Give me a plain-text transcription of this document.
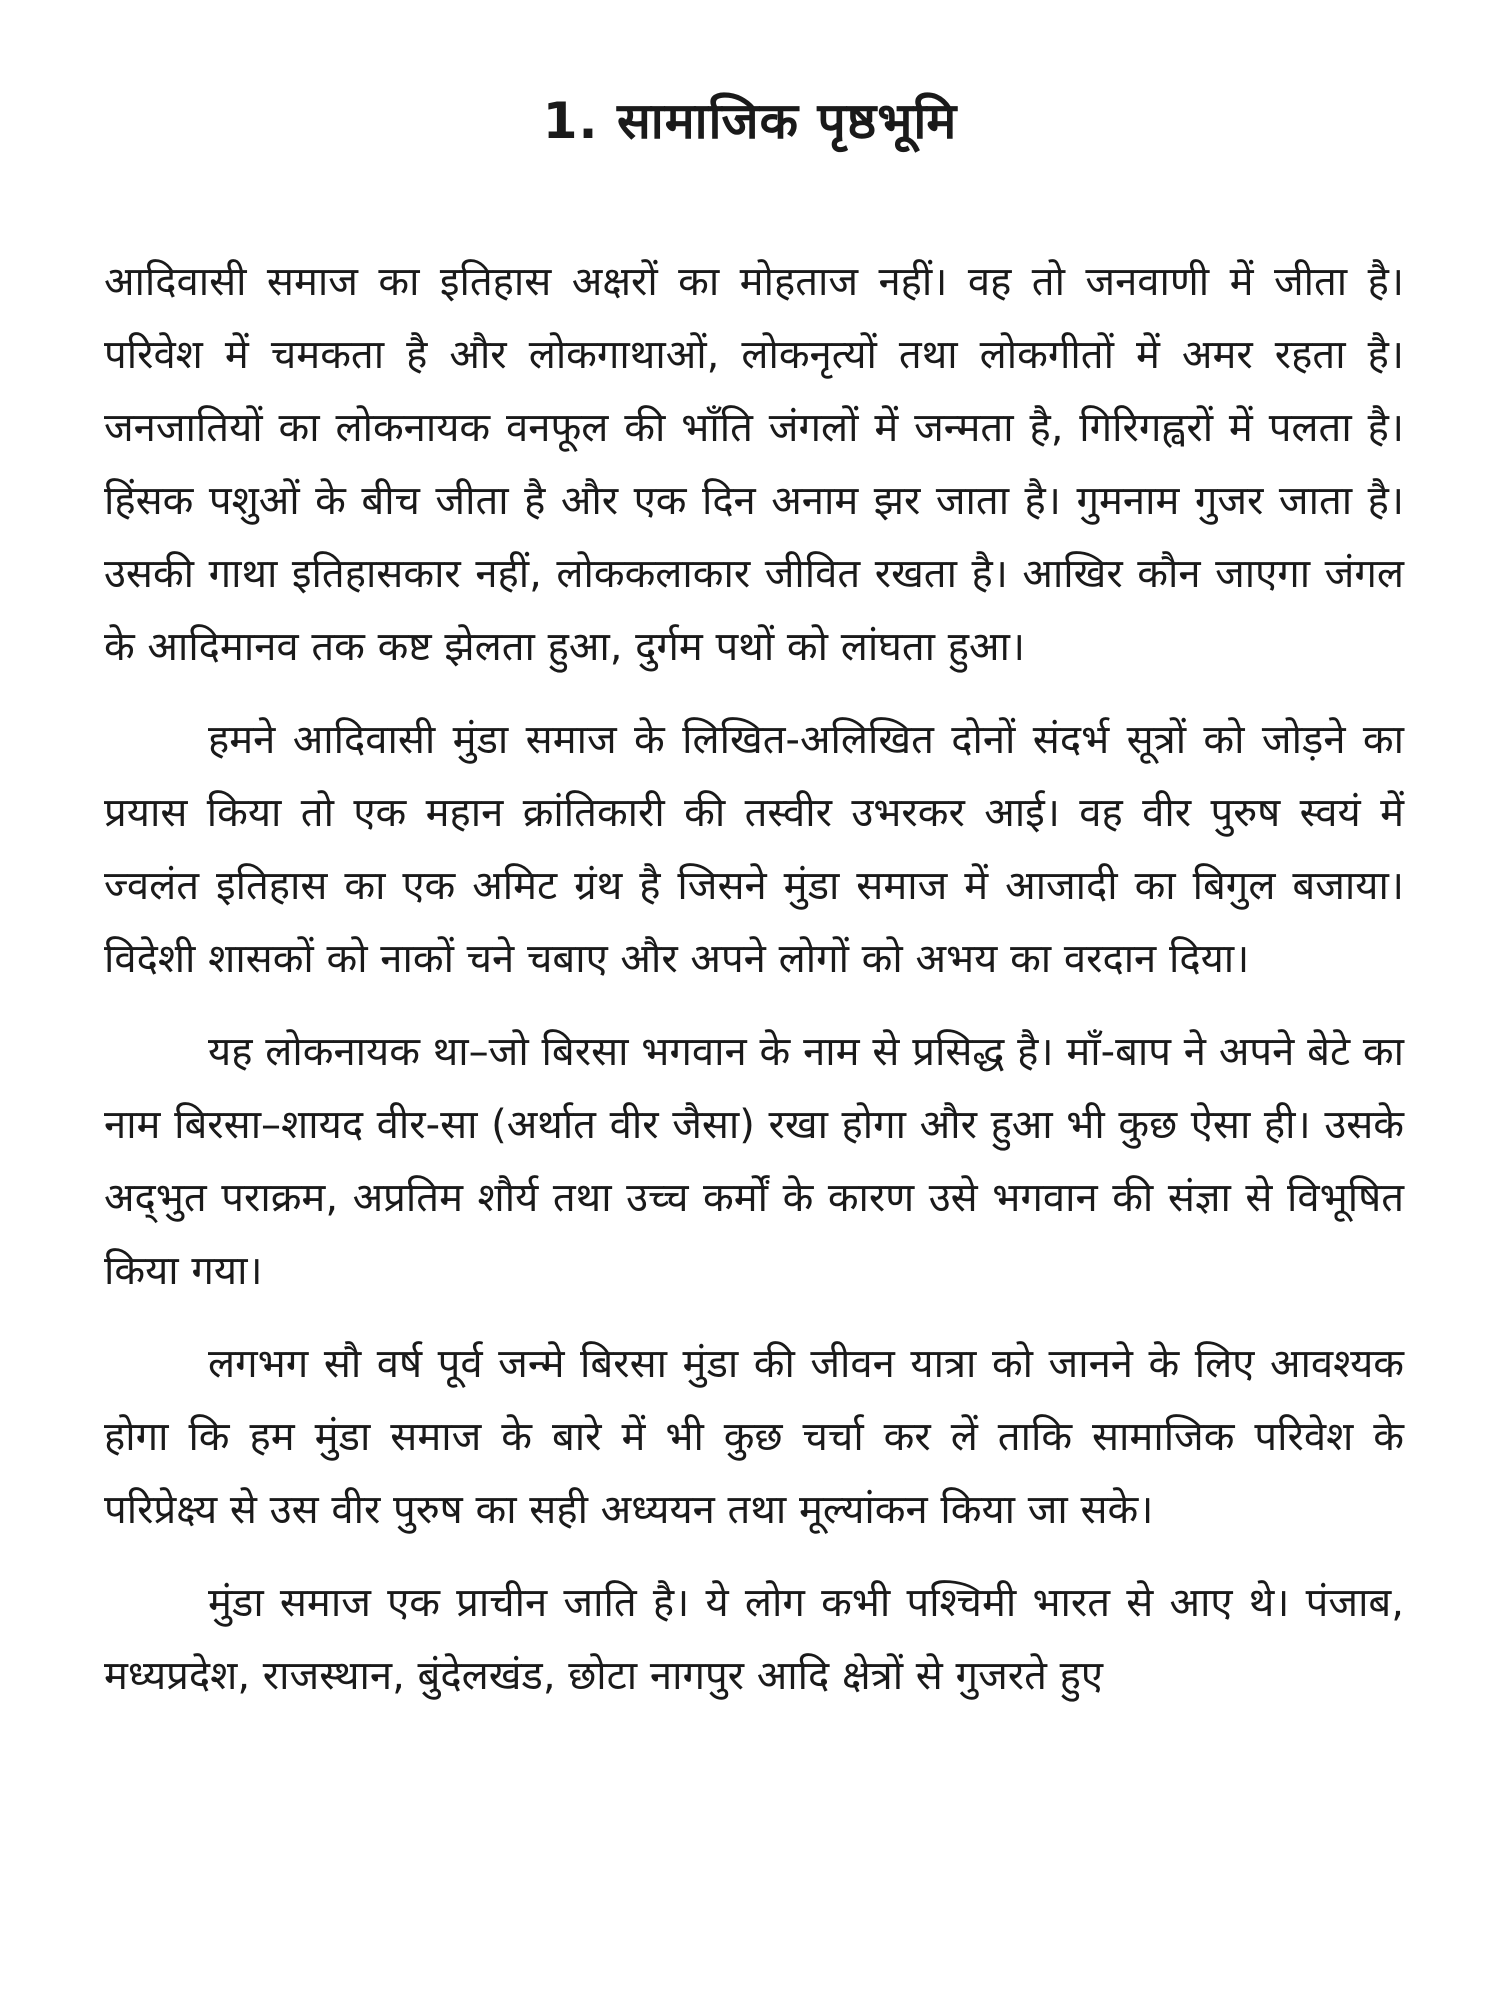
1. सामाजिक पृष्ठभूमि

आदिवासी समाज का इतिहास अक्षरों का मोहताज नहीं। वह तो जनवाणी में जीता है। परिवेश में चमकता है और लोकगाथाओं, लोकनृत्यों तथा लोकगीतों में अमर रहता है। जनजातियों का लोकनायक वनफूल की भाँति जंगलों में जन्मता है, गिरिगह्वरों में पलता है। हिंसक पशुओं के बीच जीता है और एक दिन अनाम झर जाता है। गुमनाम गुजर जाता है। उसकी गाथा इतिहासकार नहीं, लोककलाकार जीवित रखता है। आखिर कौन जाएगा जंगल के आदिमानव तक कष्ट झेलता हुआ, दुर्गम पथों को लांघता हुआ।

हमने आदिवासी मुंडा समाज के लिखित-अलिखित दोनों संदर्भ सूत्रों को जोड़ने का प्रयास किया तो एक महान क्रांतिकारी की तस्वीर उभरकर आई। वह वीर पुरुष स्वयं में ज्वलंत इतिहास का एक अमिट ग्रंथ है जिसने मुंडा समाज में आजादी का बिगुल बजाया। विदेशी शासकों को नाकों चने चबाए और अपने लोगों को अभय का वरदान दिया।

यह लोकनायक था–जो बिरसा भगवान के नाम से प्रसिद्ध है। माँ-बाप ने अपने बेटे का नाम बिरसा–शायद वीर-सा (अर्थात वीर जैसा) रखा होगा और हुआ भी कुछ ऐसा ही। उसके अद्‌भुत पराक्रम, अप्रतिम शौर्य तथा उच्च कर्मों के कारण उसे भगवान की संज्ञा से विभूषित किया गया।

लगभग सौ वर्ष पूर्व जन्मे बिरसा मुंडा की जीवन यात्रा को जानने के लिए आवश्यक होगा कि हम मुंडा समाज के बारे में भी कुछ चर्चा कर लें ताकि सामाजिक परिवेश के परिप्रेक्ष्य से उस वीर पुरुष का सही अध्ययन तथा मूल्यांकन किया जा सके।

मुंडा समाज एक प्राचीन जाति है। ये लोग कभी पश्चिमी भारत से आए थे। पंजाब, मध्यप्रदेश, राजस्थान, बुंदेलखंड, छोटा नागपुर आदि क्षेत्रों से गुजरते हुए
